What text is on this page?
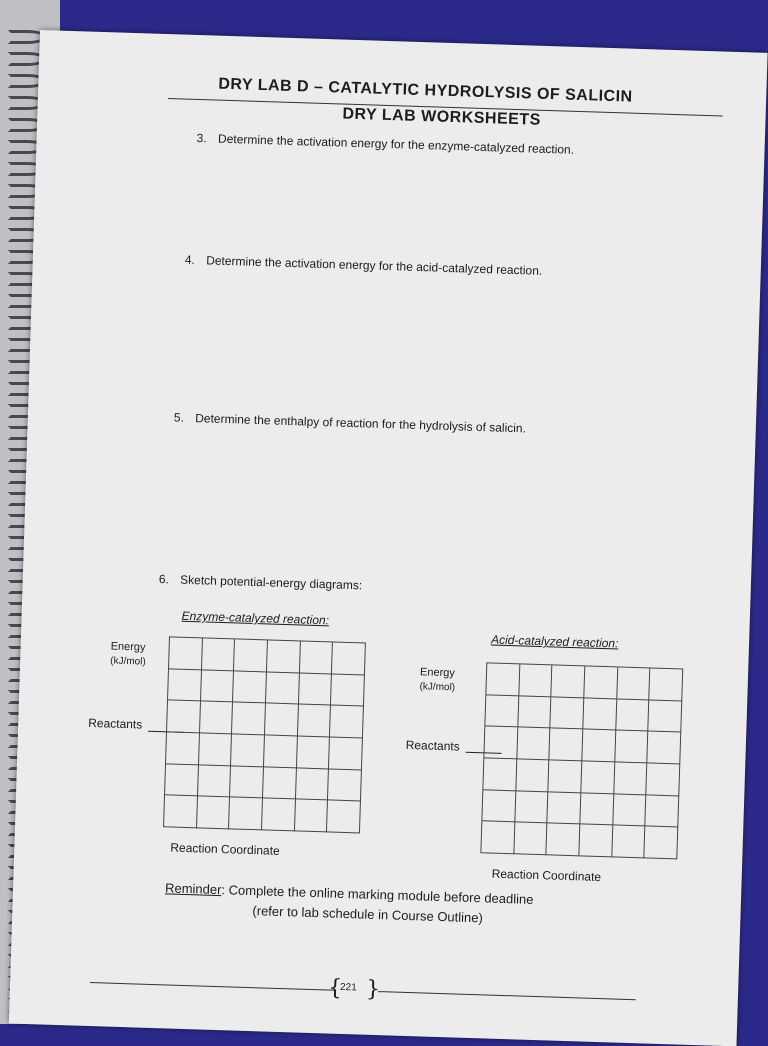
DRY LAB D – CATALYTIC HYDROLYSIS OF SALICIN
DRY LAB WORKSHEETS
3. Determine the activation energy for the enzyme-catalyzed reaction.
4. Determine the activation energy for the acid-catalyzed reaction.
5. Determine the enthalpy of reaction for the hydrolysis of salicin.
6. Sketch potential-energy diagrams:
Enzyme-catalyzed reaction:
Energy
(kJ/mol)
Reactants
Reaction Coordinate
Acid-catalyzed reaction:
Energy
(kJ/mol)
Reactants
Reaction Coordinate
Reminder: Complete the online marking module before deadline
(refer to lab schedule in Course Outline)
{
221 }
